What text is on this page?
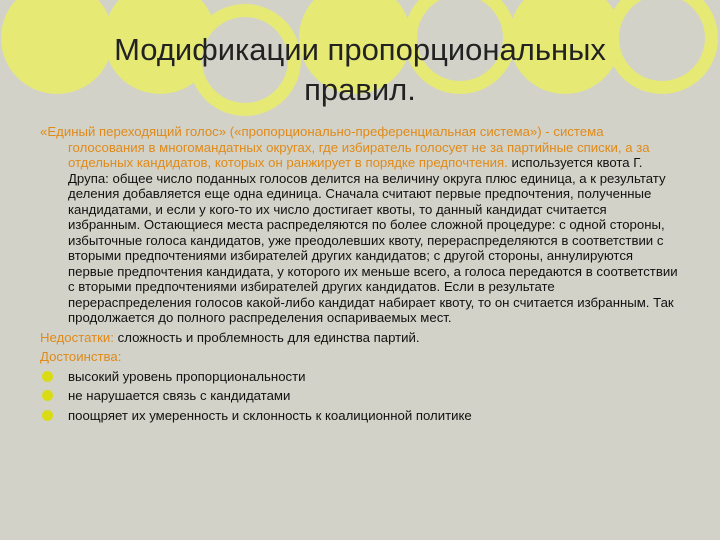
Модификации пропорциональных
правил.

«Единый переходящий голос» («пропорционально-преференциальная система») - система голосования в многомандатных округах, где избиратель голосует не за партийные списки, а за отдельных кандидатов, которых он ранжирует в порядке предпочтения. используется квота Г. Друпа: общее число поданных голосов делится на величину округа плюс единица, а к результату деления добавляется еще одна единица. Сначала считают первые предпочтения, полученные кандидатами, и если у кого-то их число достигает квоты, то данный кандидат считается избранным. Остающиеся места распределяются по более сложной процедуре: с одной стороны, избыточные голоса кандидатов, уже преодолевших квоту, перераспределяются в соответствии с вторыми предпочтениями избирателей других кандидатов; с другой стороны, аннулируются первые предпочтения кандидата, у которого их меньше всего, а голоса передаются в соответствии с вторыми предпочтениями избирателей других кандидатов. Если в результате перераспределения голосов какой-либо кандидат набирает квоту, то он считается избранным. Так продолжается до полного распределения оспариваемых мест.

Недостатки: сложность и проблемность для единства партий.

Достоинства:

высокий уровень пропорциональности
не нарушается связь с кандидатами
поощряет их умеренность и склонность к коалиционной политике
